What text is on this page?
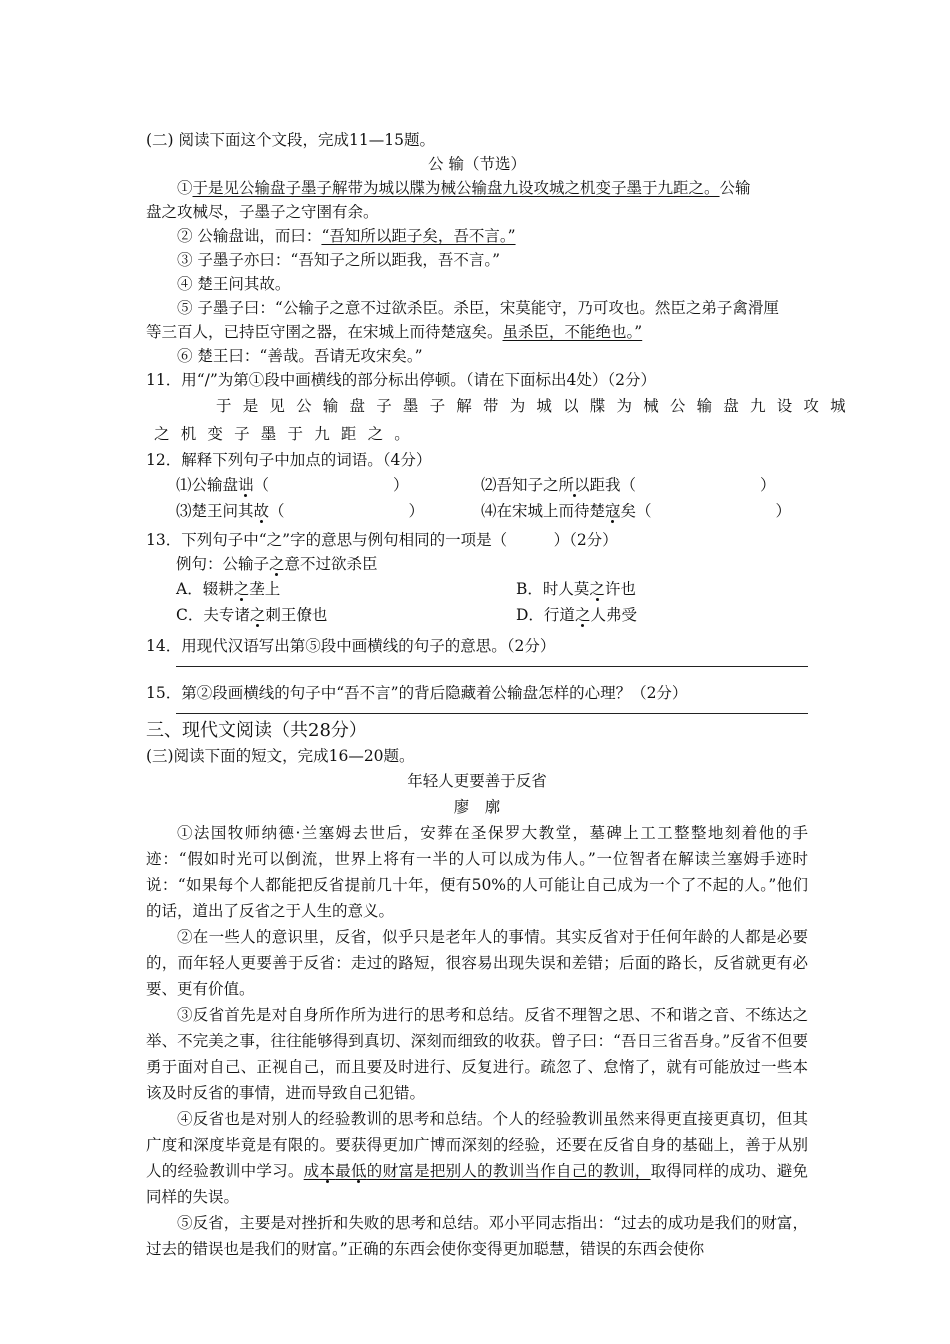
(二) 阅读下面这个文段，完成11—15题。
公 输（节选）
①于是见公输盘子墨子解带为城以牒为械公输盘九设攻城之机变子墨于九距之。公输
盘之攻械尽，子墨子之守圉有余。
② 公输盘诎，而曰：“吾知所以距子矣，吾不言。”
③ 子墨子亦曰：“吾知子之所以距我，吾不言。”
④ 楚王问其故。
⑤ 子墨子曰：“公输子之意不过欲杀臣。杀臣，宋莫能守，乃可攻也。然臣之弟子禽滑厘
等三百人，已持臣守圉之器，在宋城上而待楚寇矣。虽杀臣，不能绝也。”
⑥ 楚王曰：“善哉。吾请无攻宋矣。”
11．用“/”为第①段中画横线的部分标出停顿。（请在下面标出4处）（2分）
于是见公输盘子墨子解带为城以牒为械公输盘九设攻城
之机变子墨于九距之。
12．解释下列句子中加点的词语。（4分）
⑴公输盘诎（　　　　　　　　）	⑵吾知子之所以距我（　　　　　　　　）
⑶楚王问其故（　　　　　　　　）	⑷在宋城上而待楚寇矣（　　　　　　　　）
13．下列句子中“之”字的意思与例句相同的一项是（　　　）（2分）
例句：公输子之意不过欲杀臣
A．辍耕之垄上	B．时人莫之许也
C．夫专诸之刺王僚也	D．行道之人弗受
14．用现代汉语写出第⑤段中画横线的句子的意思。（2分）
15．第②段画横线的句子中“吾不言”的背后隐藏着公输盘怎样的心理？（2分）
三、现代文阅读（共28分）
(三)阅读下面的短文，完成16—20题。
年轻人更要善于反省
廖　廓
①法国牧师纳德·兰塞姆去世后，安葬在圣保罗大教堂，墓碑上工工整整地刻着他的手迹：“假如时光可以倒流，世界上将有一半的人可以成为伟人。”一位智者在解读兰塞姆手迹时说：“如果每个人都能把反省提前几十年，便有50%的人可能让自己成为一个了不起的人。”他们的话，道出了反省之于人生的意义。
②在一些人的意识里，反省，似乎只是老年人的事情。其实反省对于任何年龄的人都是必要的，而年轻人更要善于反省：走过的路短，很容易出现失误和差错；后面的路长，反省就更有必要、更有价值。
③反省首先是对自身所作所为进行的思考和总结。反省不理智之思、不和谐之音、不练达之举、不完美之事，往往能够得到真切、深刻而细致的收获。曾子曰：“吾日三省吾身。”反省不但要勇于面对自己、正视自己，而且要及时进行、反复进行。疏忽了、怠惰了，就有可能放过一些本该及时反省的事情，进而导致自己犯错。
④反省也是对别人的经验教训的思考和总结。个人的经验教训虽然来得更直接更真切，但其广度和深度毕竟是有限的。要获得更加广博而深刻的经验，还要在反省自身的基础上，善于从别人的经验教训中学习。成本最低的财富是把别人的教训当作自己的教训，取得同样的成功、避免同样的失误。
⑤反省，主要是对挫折和失败的思考和总结。邓小平同志指出：“过去的成功是我们的财富，过去的错误也是我们的财富。”正确的东西会使你变得更加聪慧，错误的东西会使你
